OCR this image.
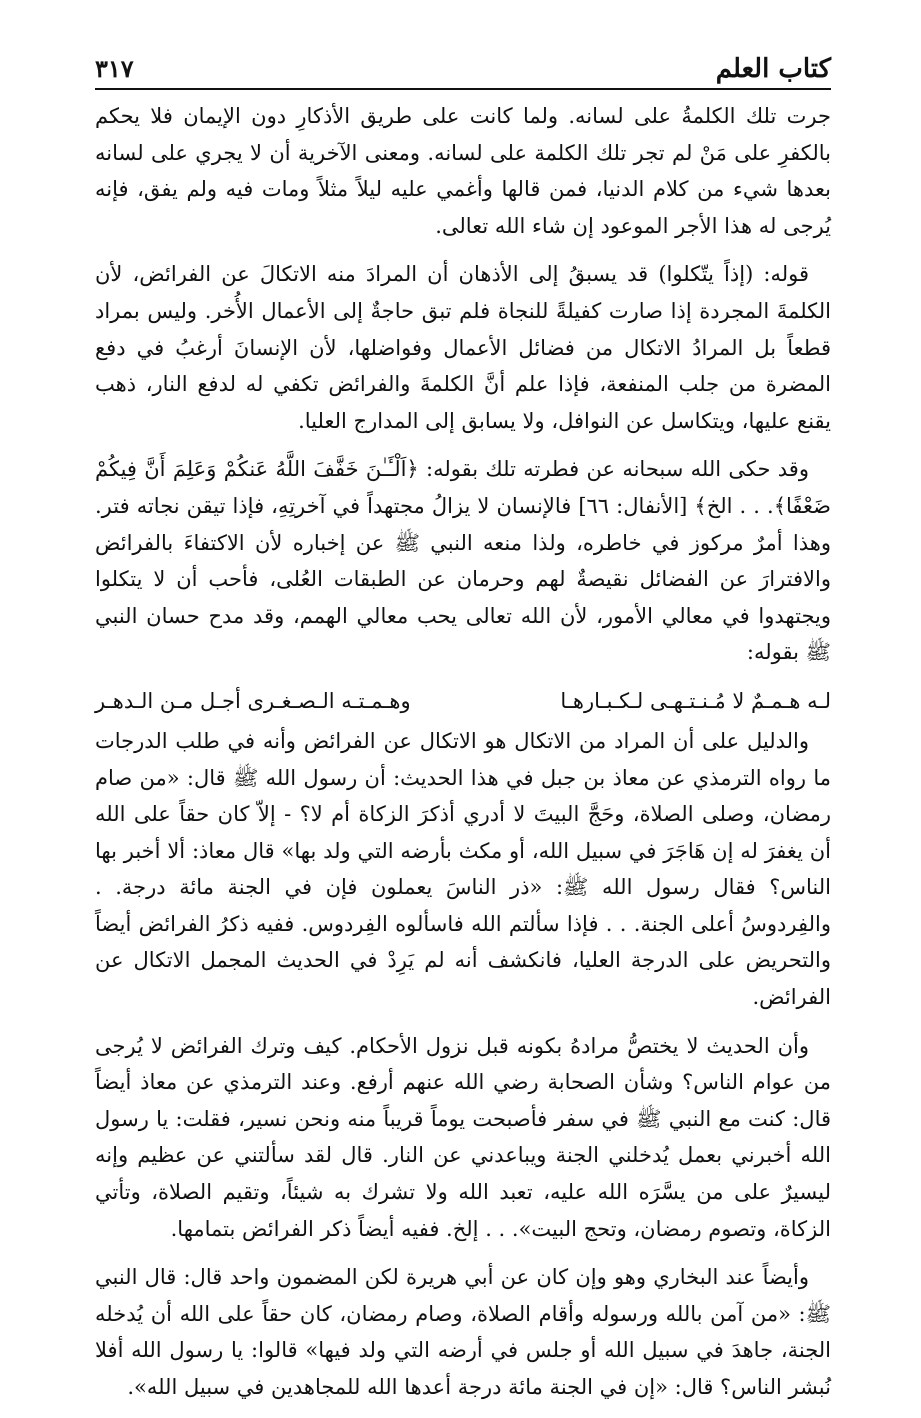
كتاب العلم
٣١٧

جرت تلك الكلمةُ على لسانه. ولما كانت على طريق الأذكارِ دون الإيمان فلا يحكم بالكفرِ على مَنْ لم تجر تلك الكلمة على لسانه. ومعنى الآخرية أن لا يجري على لسانه بعدها شيء من كلام الدنيا، فمن قالها وأغمي عليه ليلاً مثلاً ومات فيه ولم يفق، فإنه يُرجى له هذا الأجر الموعود إن شاء الله تعالى.

قوله: (إذاً يتّكلوا) قد يسبقُ إلى الأذهان أن المرادَ منه الاتكالَ عن الفرائض، لأن الكلمةَ المجردة إذا صارت كفيلةً للنجاة فلم تبق حاجةٌ إلى الأعمال الأُخر. وليس بمراد قطعاً بل المرادُ الاتكال من فضائل الأعمال وفواضلها، لأن الإنسانَ أرغبُ في دفع المضرة من جلب المنفعة، فإذا علم أنَّ الكلمةَ والفرائض تكفي له لدفع النار، ذهب يقنع عليها، ويتكاسل عن النوافل، ولا يسابق إلى المدارج العليا.

وقد حكى الله سبحانه عن فطرته تلك بقوله: ﴿اَلْـَٔـٰنَ خَفَّفَ اللَّهُ عَنكُمْ وَعَلِمَ أَنَّ فِيكُمْ ضَعْفًا﴾. . . الخ﴾ [الأنفال: ٦٦] فالإنسان لا يزالُ مجتهداً في آخرتِهِ، فإذا تيقن نجاته فتر. وهذا أمرٌ مركوز في خاطره، ولذا منعه النبي ﷺ عن إخباره لأن الاكتفاءَ بالفرائض والافترارَ عن الفضائل نقيصةٌ لهم وحرمان عن الطبقات العُلى، فأحب أن لا يتكلوا ويجتهدوا في معالي الأمور، لأن الله تعالى يحب معالي الهمم، وقد مدح حسان النبي ﷺ بقوله:

لـه هـمـمٌ لا مُـنـتـهـى لـكـبـارهـا
وهـمـتـه الـصـغـرى أجـل مـن الـدهـر

والدليل على أن المراد من الاتكال هو الاتكال عن الفرائض وأنه في طلب الدرجات ما رواه الترمذي عن معاذ بن جبل في هذا الحديث: أن رسول الله ﷺ قال: «من صام رمضان، وصلى الصلاة، وحَجَّ البيتَ لا أدري أذكرَ الزكاة أم لا؟ - إلاّ كان حقاً على الله أن يغفرَ له إن هَاجَرَ في سبيل الله، أو مكث بأرضه التي ولد بها» قال معاذ: ألا أخبر بها الناس؟ فقال رسول الله ﷺ: «ذر الناسَ يعملون فإن في الجنة مائة درجة. . والفِردوسُ أعلى الجنة. . . فإذا سألتم الله فاسألوه الفِردوس. ففيه ذكرُ الفرائض أيضاً والتحريض على الدرجة العليا، فانكشف أنه لم يَرِدْ في الحديث المجمل الاتكال عن الفرائض.

وأن الحديث لا يختصُّ مرادهُ بكونه قبل نزول الأحكام. كيف وترك الفرائض لا يُرجى من عوام الناس؟ وشأن الصحابة رضي الله عنهم أرفع. وعند الترمذي عن معاذ أيضاً قال: كنت مع النبي ﷺ في سفر فأصبحت يوماً قريباً منه ونحن نسير، فقلت: يا رسول الله أخبرني بعمل يُدخلني الجنة ويباعدني عن النار. قال لقد سألتني عن عظيم وإنه ليسيرٌ على من يسَّرَه الله عليه، تعبد الله ولا تشرك به شيئاً، وتقيم الصلاة، وتأتي الزكاة، وتصوم رمضان، وتحج البيت». . . إلخ. ففيه أيضاً ذكر الفرائض بتمامها.

وأيضاً عند البخاري وهو وإن كان عن أبي هريرة لكن المضمون واحد قال: قال النبي ﷺ: «من آمن بالله ورسوله وأقام الصلاة، وصام رمضان، كان حقاً على الله أن يُدخله الجنة، جاهدَ في سبيل الله أو جلس في أرضه التي ولد فيها» قالوا: يا رسول الله أفلا نُبشر الناس؟ قال: «إن في الجنة مائة درجة أعدها الله للمجاهدين في سبيل الله».
